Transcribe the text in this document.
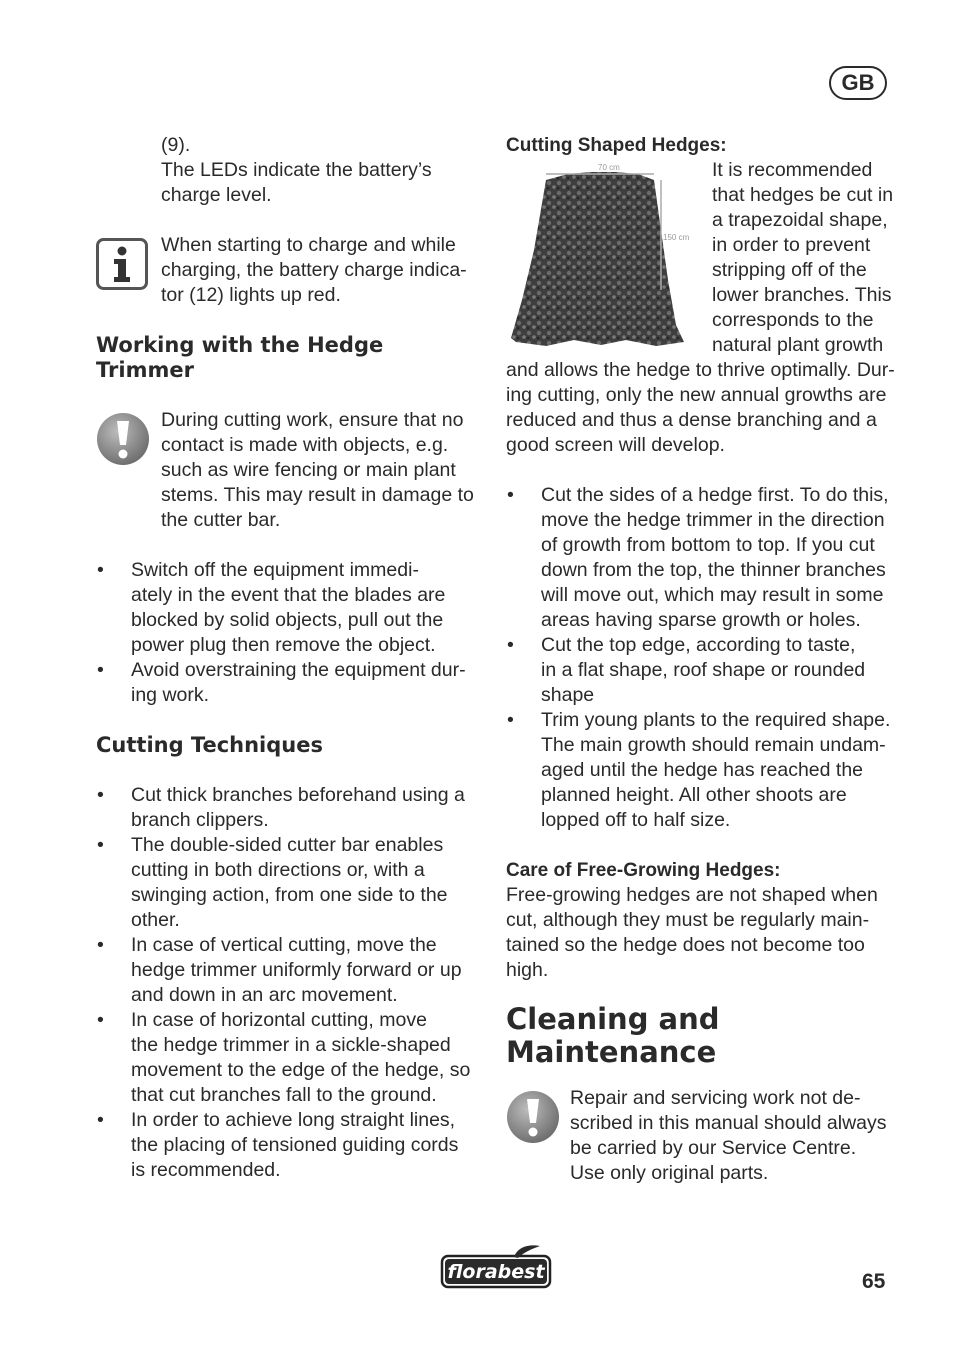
GB

(9).

The LEDs indicate the battery’s

charge level.

When starting to charge and while

charging, the battery charge indica-

tor (12) lights up red.

Working with the Hedge
Trimmer

During cutting work, ensure that no

contact is made with objects, e.g.

such as wire fencing or main plant

stems. This may result in damage to

the cutter bar.

• Switch off the equipment immedi-

ately in the event that the blades are

blocked by solid objects, pull out the

power plug then remove the object.

• Avoid overstraining the equipment dur-

ing work.

Cutting Techniques

• Cut thick branches beforehand using a

branch clippers.

• The double-sided cutter bar enables

cutting in both directions or, with a

swinging action, from one side to the

other.

• In case of vertical cutting, move the

hedge trimmer uniformly forward or up

and down in an arc movement.

• In case of horizontal cutting, move

the hedge trimmer in a sickle-shaped

movement to the edge of the hedge, so

that cut branches fall to the ground.

• In order to achieve long straight lines,

the placing of tensioned guiding cords

is recommended.

Cutting Shaped Hedges:
70 cm
150 cm

It is recommended

that hedges be cut in

a trapezoidal shape,

in order to prevent

stripping off of the

lower branches. This

corresponds to the

natural plant growth

and allows the hedge to thrive optimally. Dur-

ing cutting, only the new annual growths are

reduced and thus a dense branching and a

good screen will develop.

• Cut the sides of a hedge first. To do this,

move the hedge trimmer in the direction

of growth from bottom to top. If you cut

down from the top, the thinner branches

will move out, which may result in some

areas having sparse growth or holes.

• Cut the top edge, according to taste,

in a flat shape, roof shape or rounded

shape

• Trim young plants to the required shape.

The main growth should remain undam-

aged until the hedge has reached the

planned height. All other shoots are

lopped off to half size.

Care of Free-Growing Hedges:

Free-growing hedges are not shaped when

cut, although they must be regularly main-

tained so the hedge does not become too

high.

Cleaning and
Maintenance

Repair and servicing work not de-

scribed in this manual should always

be carried by our Service Centre.

Use only original parts.

florabest	65
